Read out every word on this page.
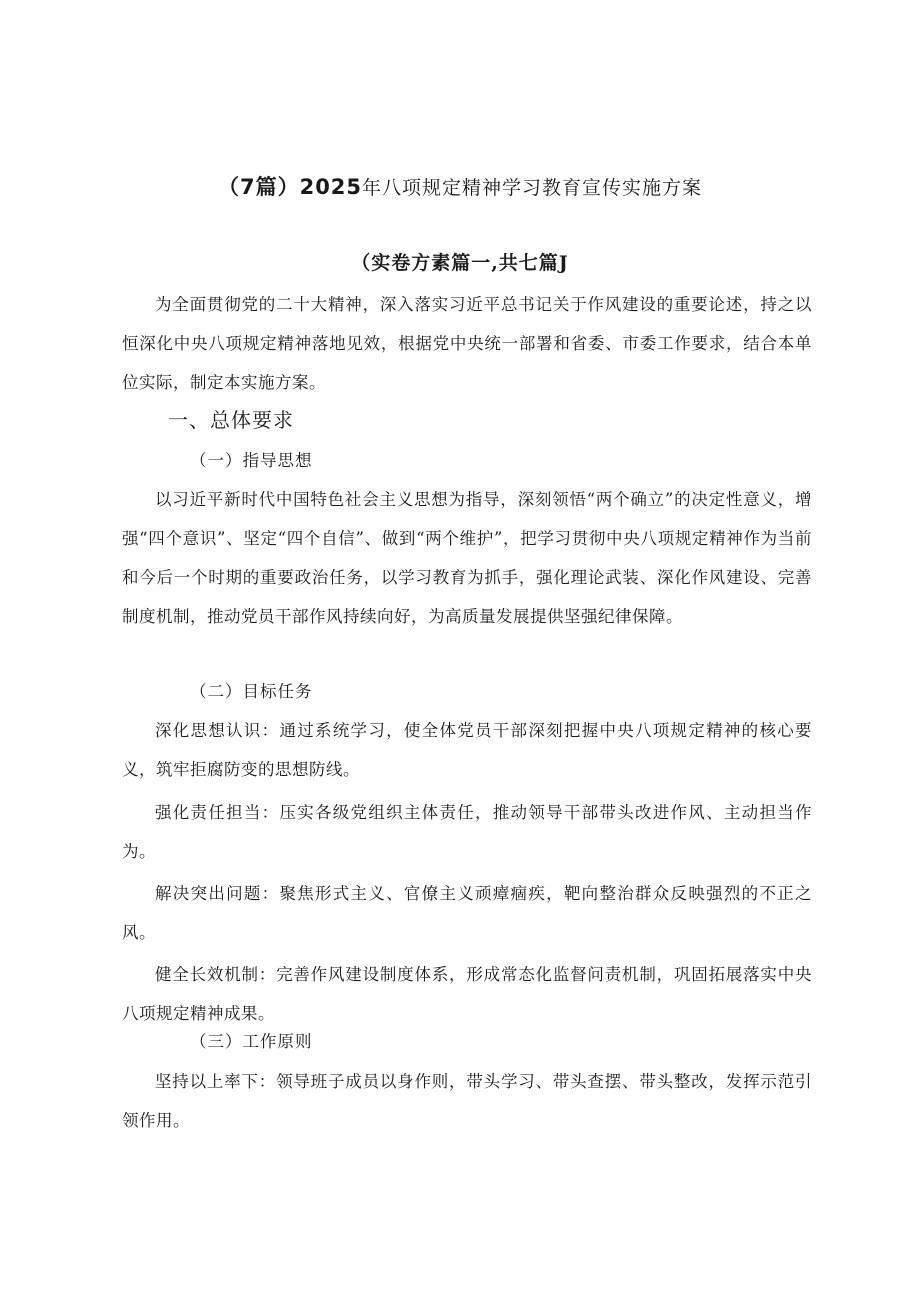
（7篇）2025年八项规定精神学习教育宣传实施方案
（实卷方素篇一,共七篇J

为全面贯彻党的二十大精神，深入落实习近平总书记关于作风建设的重要论述，持之以恒深化中央八项规定精神落地见效，根据党中央统一部署和省委、市委工作要求，结合本单位实际，制定本实施方案。

一、总体要求
（一）指导思想

以习近平新时代中国特色社会主义思想为指导，深刻领悟“两个确立”的决定性意义，增强“四个意识”、坚定“四个自信”、做到“两个维护”，把学习贯彻中央八项规定精神作为当前和今后一个时期的重要政治任务，以学习教育为抓手，强化理论武装、深化作风建设、完善制度机制，推动党员干部作风持续向好，为高质量发展提供坚强纪律保障。

（二）目标任务

深化思想认识：通过系统学习，使全体党员干部深刻把握中央八项规定精神的核心要义，筑牢拒腐防变的思想防线。

强化责任担当：压实各级党组织主体责任，推动领导干部带头改进作风、主动担当作为。

解决突出问题：聚焦形式主义、官僚主义顽瘴痼疾，靶向整治群众反映强烈的不正之风。

健全长效机制：完善作风建设制度体系，形成常态化监督问责机制，巩固拓展落实中央八项规定精神成果。

（三）工作原则

坚持以上率下：领导班子成员以身作则，带头学习、带头查摆、带头整改，发挥示范引领作用。
